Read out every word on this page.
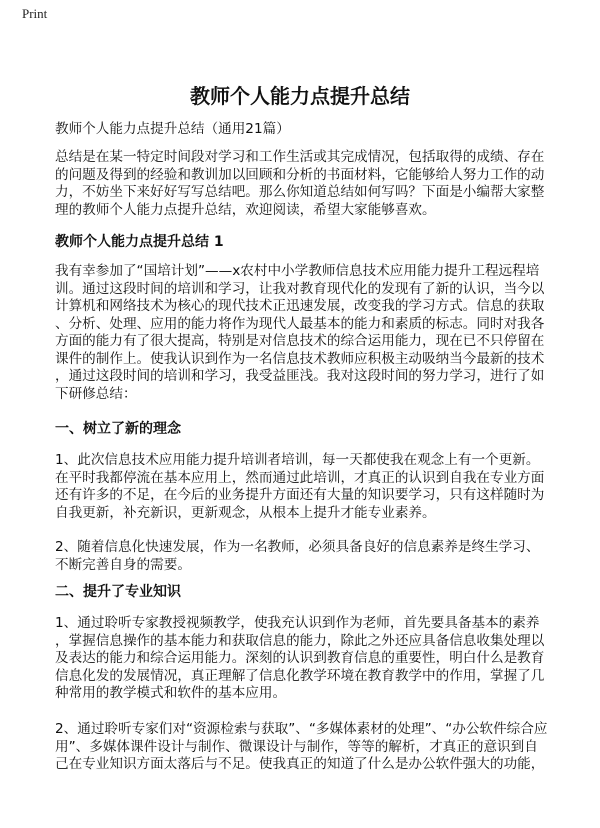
Print
教师个人能力点提升总结
教师个人能力点提升总结（通用21篇）
总结是在某一特定时间段对学习和工作生活或其完成情况，包括取得的成绩、存在
的问题及得到的经验和教训加以回顾和分析的书面材料，它能够给人努力工作的动
力，不妨坐下来好好写写总结吧。那么你知道总结如何写吗？下面是小编帮大家整
理的教师个人能力点提升总结，欢迎阅读，希望大家能够喜欢。
教师个人能力点提升总结 1
我有幸参加了“国培计划”——x农村中小学教师信息技术应用能力提升工程远程培
训。通过这段时间的培训和学习，让我对教育现代化的发现有了新的认识，当今以
计算机和网络技术为核心的现代技术正迅速发展，改变我的学习方式。信息的获取
、分析、处理、应用的能力将作为现代人最基本的能力和素质的标志。同时对我各
方面的能力有了很大提高，特别是对信息技术的综合运用能力，现在已不只停留在
课件的制作上。使我认识到作为一名信息技术教师应积极主动吸纳当今最新的技术
，通过这段时间的培训和学习，我受益匪浅。我对这段时间的努力学习，进行了如
下研修总结：
一、树立了新的理念
1、此次信息技术应用能力提升培训者培训，每一天都使我在观念上有一个更新。
在平时我都停流在基本应用上，然而通过此培训，才真正的认识到自我在专业方面
还有许多的不足，在今后的业务提升方面还有大量的知识要学习，只有这样随时为
自我更新，补充新识，更新观念，从根本上提升才能专业素养。
2、随着信息化快速发展，作为一名教师，必须具备良好的信息素养是终生学习、
不断完善自身的需要。
二、提升了专业知识
1、通过聆听专家教授视频教学，使我充认识到作为老师，首先要具备基本的素养
，掌握信息操作的基本能力和获取信息的能力，除此之外还应具备信息收集处理以
及表达的能力和综合运用能力。深刻的认识到教育信息的重要性，明白什么是教育
信息化发的发展情况，真正理解了信息化教学环境在教育教学中的作用，掌握了几
种常用的教学模式和软件的基本应用。
2、通过聆听专家们对“资源检索与获取”、“多媒体素材的处理”、“办公软件综合应
用”、多媒体课件设计与制作、微课设计与制作，等等的解析，才真正的意识到自
己在专业知识方面太落后与不足。使我真正的知道了什么是办公软件强大的功能，
